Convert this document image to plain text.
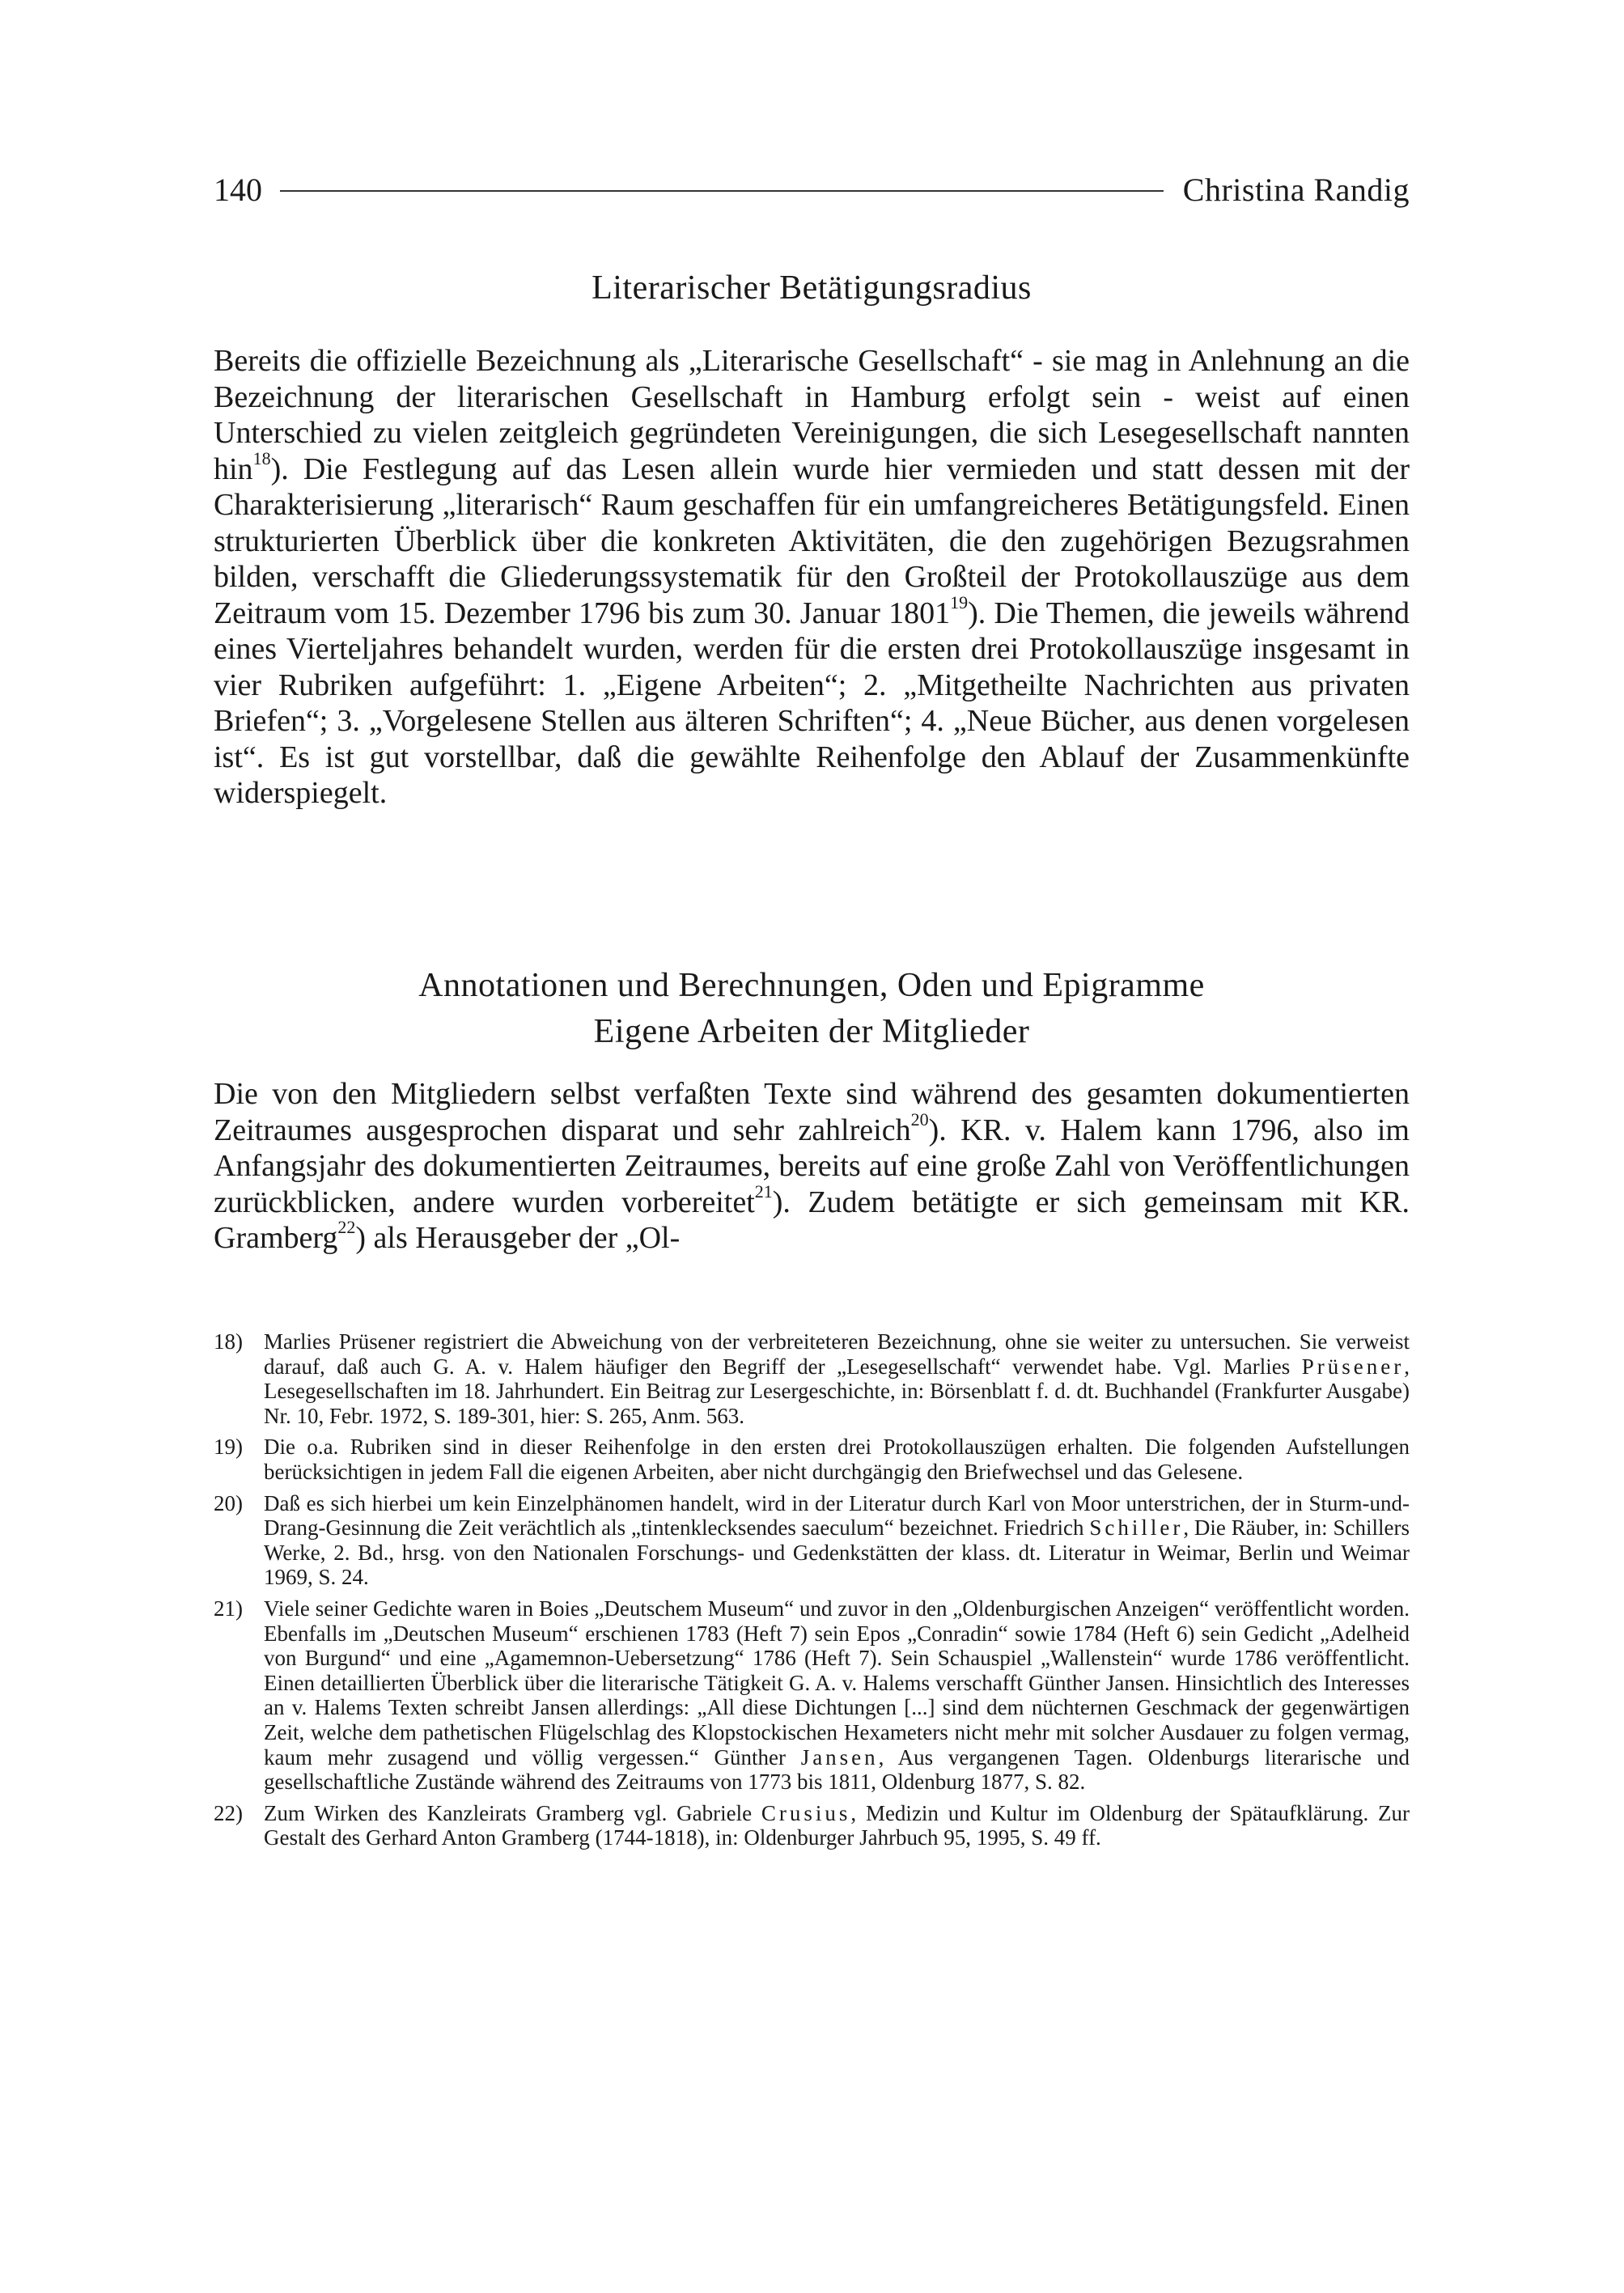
140	Christina Randig
Literarischer Betätigungsradius

Bereits die offizielle Bezeichnung als „Literarische Gesellschaft“ - sie mag in Anlehnung an die Bezeichnung der literarischen Gesellschaft in Hamburg erfolgt sein - weist auf einen Unterschied zu vielen zeitgleich gegründeten Vereinigungen, die sich Lesegesellschaft nannten hin$^{18}$). Die Festlegung auf das Lesen allein wurde hier vermieden und statt dessen mit der Charakterisierung „literarisch“ Raum geschaffen für ein umfangreicheres Betätigungsfeld. Einen strukturierten Überblick über die konkreten Aktivitäten, die den zugehörigen Bezugsrahmen bilden, verschafft die Gliederungssystematik für den Großteil der Protokollauszüge aus dem Zeitraum vom 15. Dezember 1796 bis zum 30. Januar 1801$^{19}$). Die Themen, die jeweils während eines Vierteljahres behandelt wurden, werden für die ersten drei Protokollauszüge insgesamt in vier Rubriken aufgeführt: 1. „Eigene Arbeiten“; 2. „Mitgetheilte Nachrichten aus privaten Briefen“; 3. „Vorgelesene Stellen aus älteren Schriften“; 4. „Neue Bücher, aus denen vorgelesen ist“. Es ist gut vorstellbar, daß die gewählte Reihenfolge den Ablauf der Zusammenkünfte widerspiegelt.

Annotationen und Berechnungen, Oden und Epigramme
Eigene Arbeiten der Mitglieder

Die von den Mitgliedern selbst verfaßten Texte sind während des gesamten dokumentierten Zeitraumes ausgesprochen disparat und sehr zahlreich$^{20}$). KR. v. Halem kann 1796, also im Anfangsjahr des dokumentierten Zeitraumes, bereits auf eine große Zahl von Veröffentlichungen zurückblicken, andere wurden vorbereitet$^{21}$). Zudem betätigte er sich gemeinsam mit KR. Gramberg$^{22}$) als Herausgeber der „Ol-

18) Marlies Prüsener registriert die Abweichung von der verbreiteteren Bezeichnung, ohne sie weiter zu untersuchen. Sie verweist darauf, daß auch G. A. v. Halem häufiger den Begriff der „Lesegesellschaft“ verwendet habe. Vgl. Marlies Prüsener, Lesegesellschaften im 18. Jahrhundert. Ein Beitrag zur Lesergeschichte, in: Börsenblatt f. d. dt. Buchhandel (Frankfurter Ausgabe) Nr. 10, Febr. 1972, S. 189-301, hier: S. 265, Anm. 563.
19) Die o.a. Rubriken sind in dieser Reihenfolge in den ersten drei Protokollauszügen erhalten. Die folgenden Aufstellungen berücksichtigen in jedem Fall die eigenen Arbeiten, aber nicht durchgängig den Briefwechsel und das Gelesene.
20) Daß es sich hierbei um kein Einzelphänomen handelt, wird in der Literatur durch Karl von Moor unterstrichen, der in Sturm-und-Drang-Gesinnung die Zeit verächtlich als „tintenklecksendes saeculum“ bezeichnet. Friedrich Schiller, Die Räuber, in: Schillers Werke, 2. Bd., hrsg. von den Nationalen Forschungs- und Gedenkstätten der klass. dt. Literatur in Weimar, Berlin und Weimar 1969, S. 24.
21) Viele seiner Gedichte waren in Boies „Deutschem Museum“ und zuvor in den „Oldenburgischen Anzeigen“ veröffentlicht worden. Ebenfalls im „Deutschen Museum“ erschienen 1783 (Heft 7) sein Epos „Conradin“ sowie 1784 (Heft 6) sein Gedicht „Adelheid von Burgund“ und eine „Agamemnon-Uebersetzung“ 1786 (Heft 7). Sein Schauspiel „Wallenstein“ wurde 1786 veröffentlicht. Einen detaillierten Überblick über die literarische Tätigkeit G. A. v. Halems verschafft Günther Jansen. Hinsichtlich des Interesses an v. Halems Texten schreibt Jansen allerdings: „All diese Dichtungen [...] sind dem nüchternen Geschmack der gegenwärtigen Zeit, welche dem pathetischen Flügelschlag des Klopstockischen Hexameters nicht mehr mit solcher Ausdauer zu folgen vermag, kaum mehr zusagend und völlig vergessen.“ Günther Jansen, Aus vergangenen Tagen. Oldenburgs literarische und gesellschaftliche Zustände während des Zeitraums von 1773 bis 1811, Oldenburg 1877, S. 82.
22) Zum Wirken des Kanzleirats Gramberg vgl. Gabriele Crusius, Medizin und Kultur im Oldenburg der Spätaufklärung. Zur Gestalt des Gerhard Anton Gramberg (1744-1818), in: Oldenburger Jahrbuch 95, 1995, S. 49 ff.
